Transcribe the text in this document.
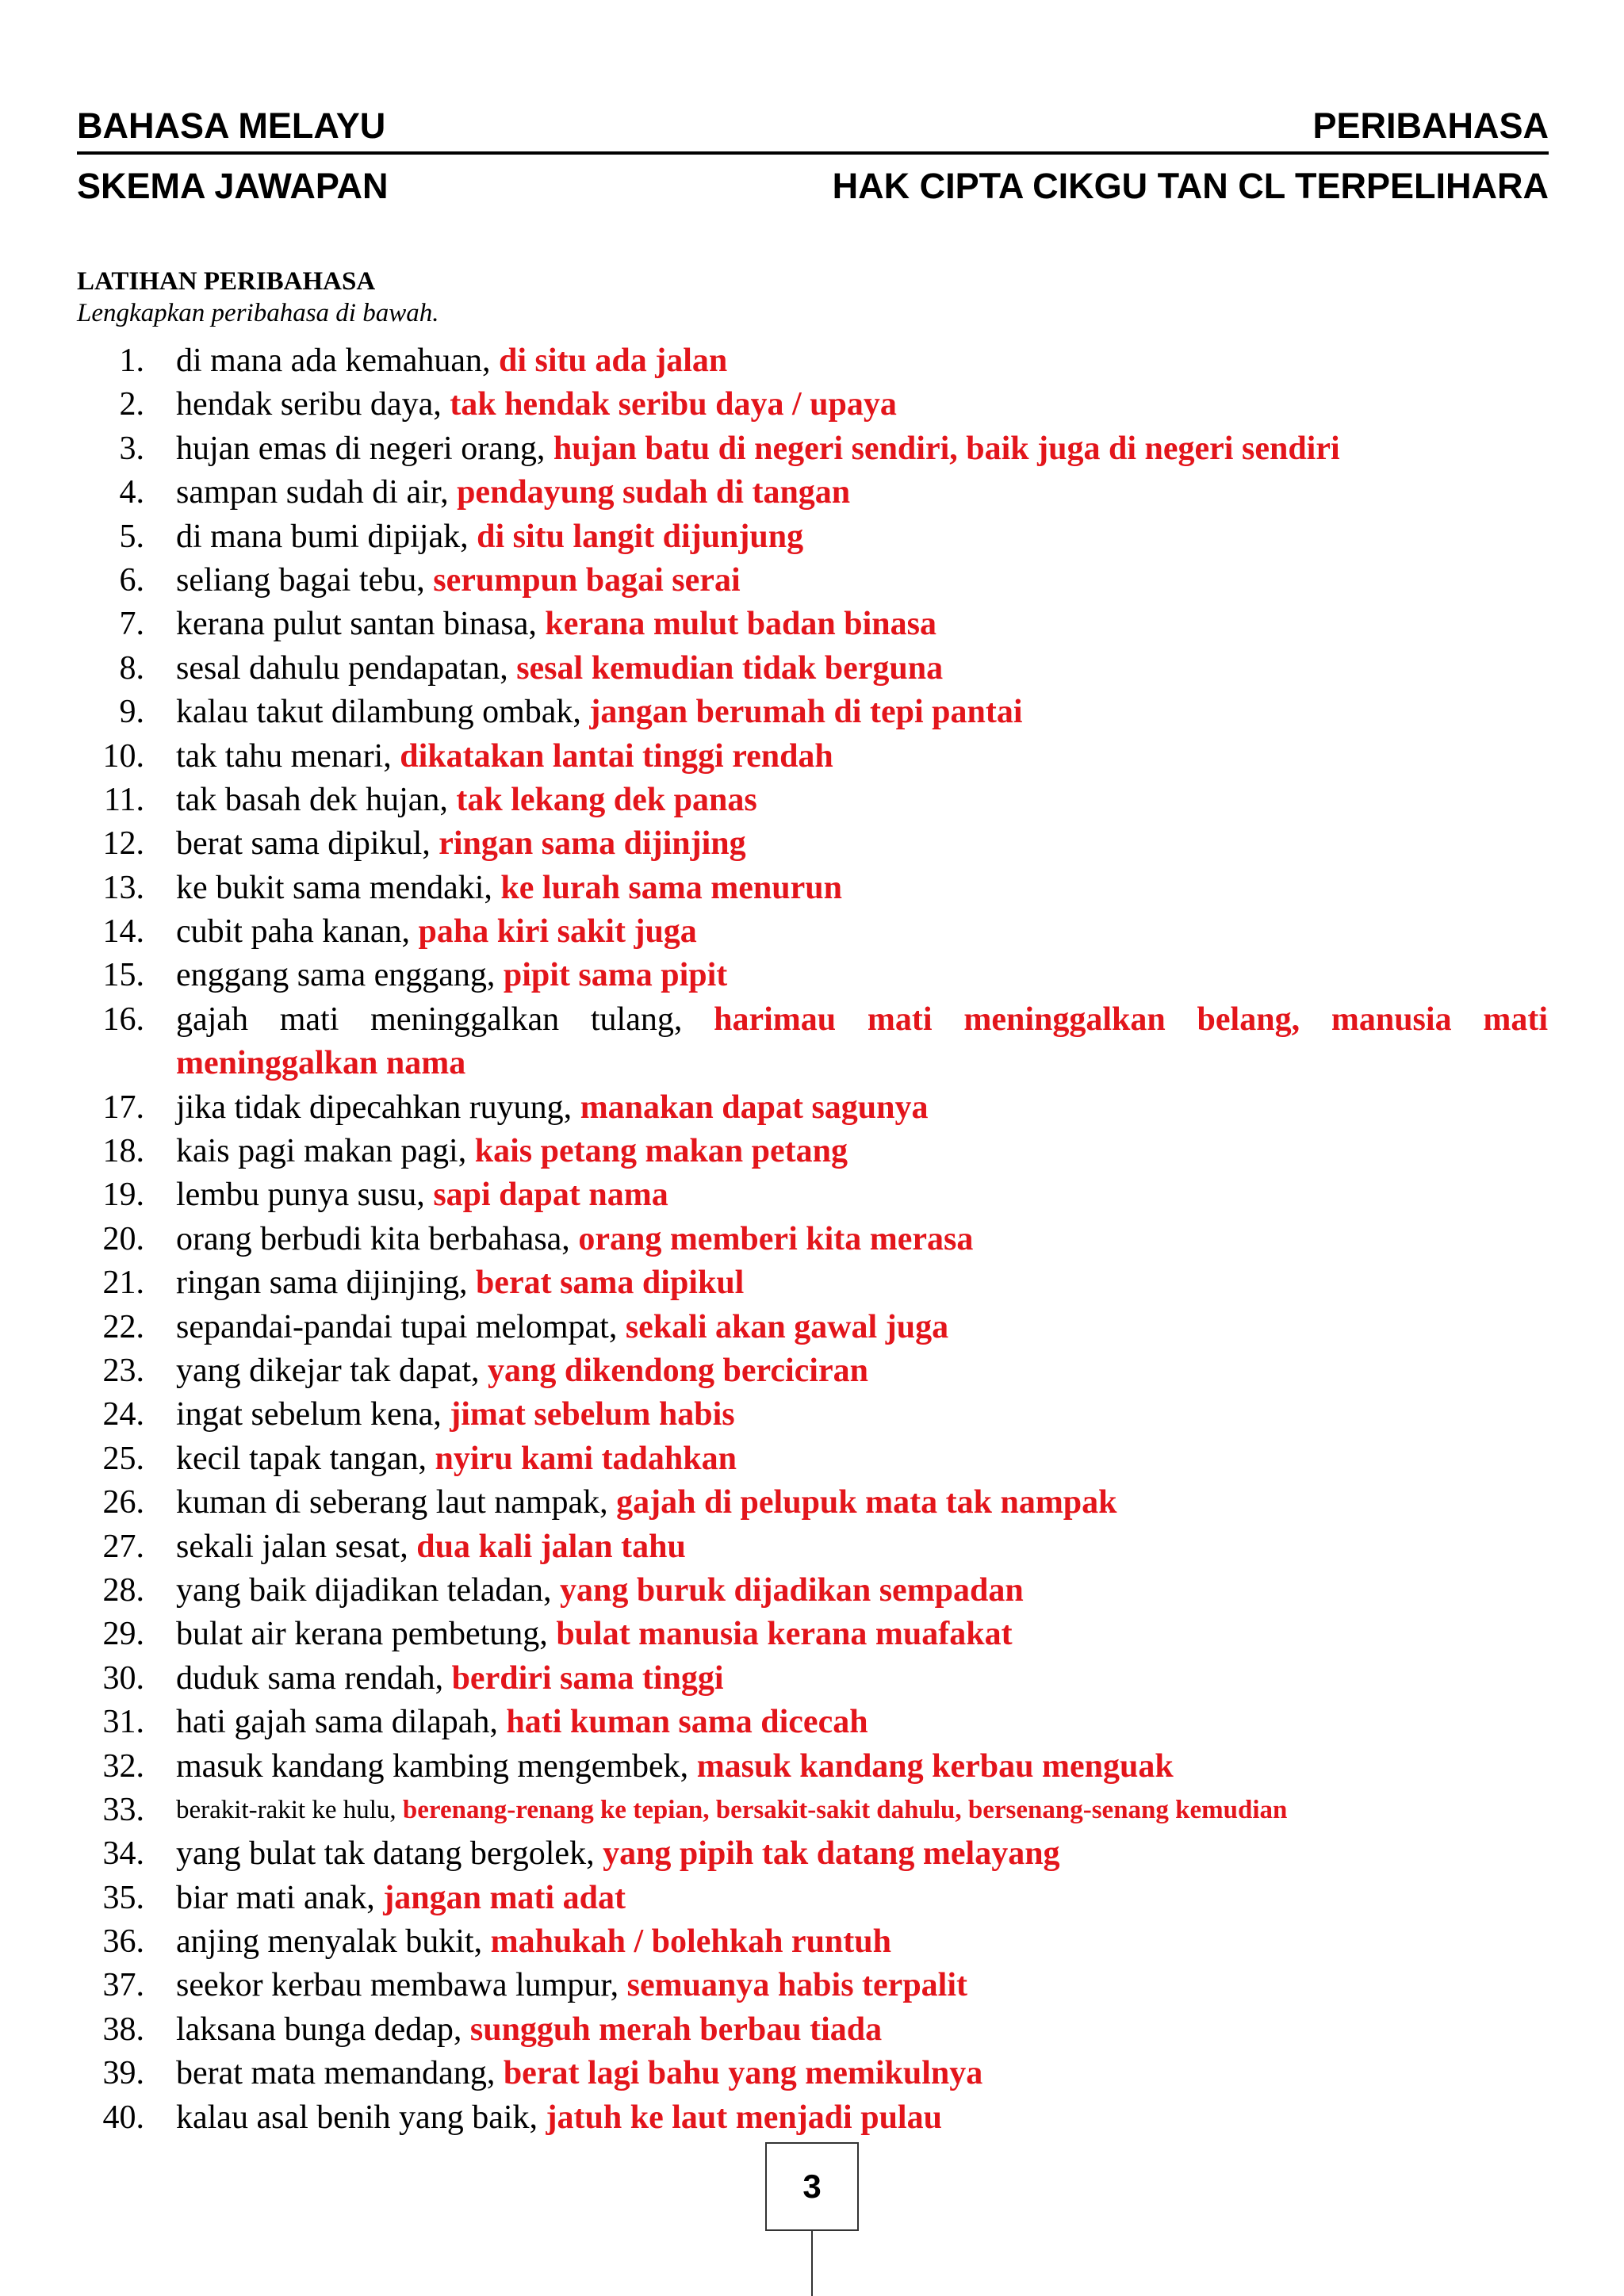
BAHASA MELAYU	PERIBAHASA
SKEMA JAWAPAN	HAK CIPTA CIKGU TAN CL TERPELIHARA
LATIHAN PERIBAHASA
Lengkapkan peribahasa di bawah.
1. di mana ada kemahuan, di situ ada jalan
2. hendak seribu daya, tak hendak seribu daya / upaya
3. hujan emas di negeri orang, hujan batu di negeri sendiri, baik juga di negeri sendiri
4. sampan sudah di air, pendayung sudah di tangan
5. di mana bumi dipijak, di situ langit dijunjung
6. seliang bagai tebu, serumpun bagai serai
7. kerana pulut santan binasa, kerana mulut badan binasa
8. sesal dahulu pendapatan, sesal kemudian tidak berguna
9. kalau takut dilambung ombak, jangan berumah di tepi pantai
10. tak tahu menari, dikatakan lantai tinggi rendah
11. tak basah dek hujan, tak lekang dek panas
12. berat sama dipikul, ringan sama dijinjing
13. ke bukit sama mendaki, ke lurah sama menurun
14. cubit paha kanan, paha kiri sakit juga
15. enggang sama enggang, pipit sama pipit
16. gajah mati meninggalkan tulang, harimau mati meninggalkan belang, manusia mati meninggalkan nama
17. jika tidak dipecahkan ruyung, manakan dapat sagunya
18. kais pagi makan pagi, kais petang makan petang
19. lembu punya susu, sapi dapat nama
20. orang berbudi kita berbahasa, orang memberi kita merasa
21. ringan sama dijinjing, berat sama dipikul
22. sepandai-pandai tupai melompat, sekali akan gawal juga
23. yang dikejar tak dapat, yang dikendong berciciran
24. ingat sebelum kena, jimat sebelum habis
25. kecil tapak tangan, nyiru kami tadahkan
26. kuman di seberang laut nampak, gajah di pelupuk mata tak nampak
27. sekali jalan sesat, dua kali jalan tahu
28. yang baik dijadikan teladan, yang buruk dijadikan sempadan
29. bulat air kerana pembetung, bulat manusia kerana muafakat
30. duduk sama rendah, berdiri sama tinggi
31. hati gajah sama dilapah, hati kuman sama dicecah
32. masuk kandang kambing mengembek, masuk kandang kerbau menguak
33. berakit-rakit ke hulu, berenang-renang ke tepian, bersakit-sakit dahulu, bersenang-senang kemudian
34. yang bulat tak datang bergolek, yang pipih tak datang melayang
35. biar mati anak, jangan mati adat
36. anjing menyalak bukit, mahukah / bolehkah runtuh
37. seekor kerbau membawa lumpur, semuanya habis terpalit
38. laksana bunga dedap, sungguh merah berbau tiada
39. berat mata memandang, berat lagi bahu yang memikulnya
40. kalau asal benih yang baik, jatuh ke laut menjadi pulau
3
